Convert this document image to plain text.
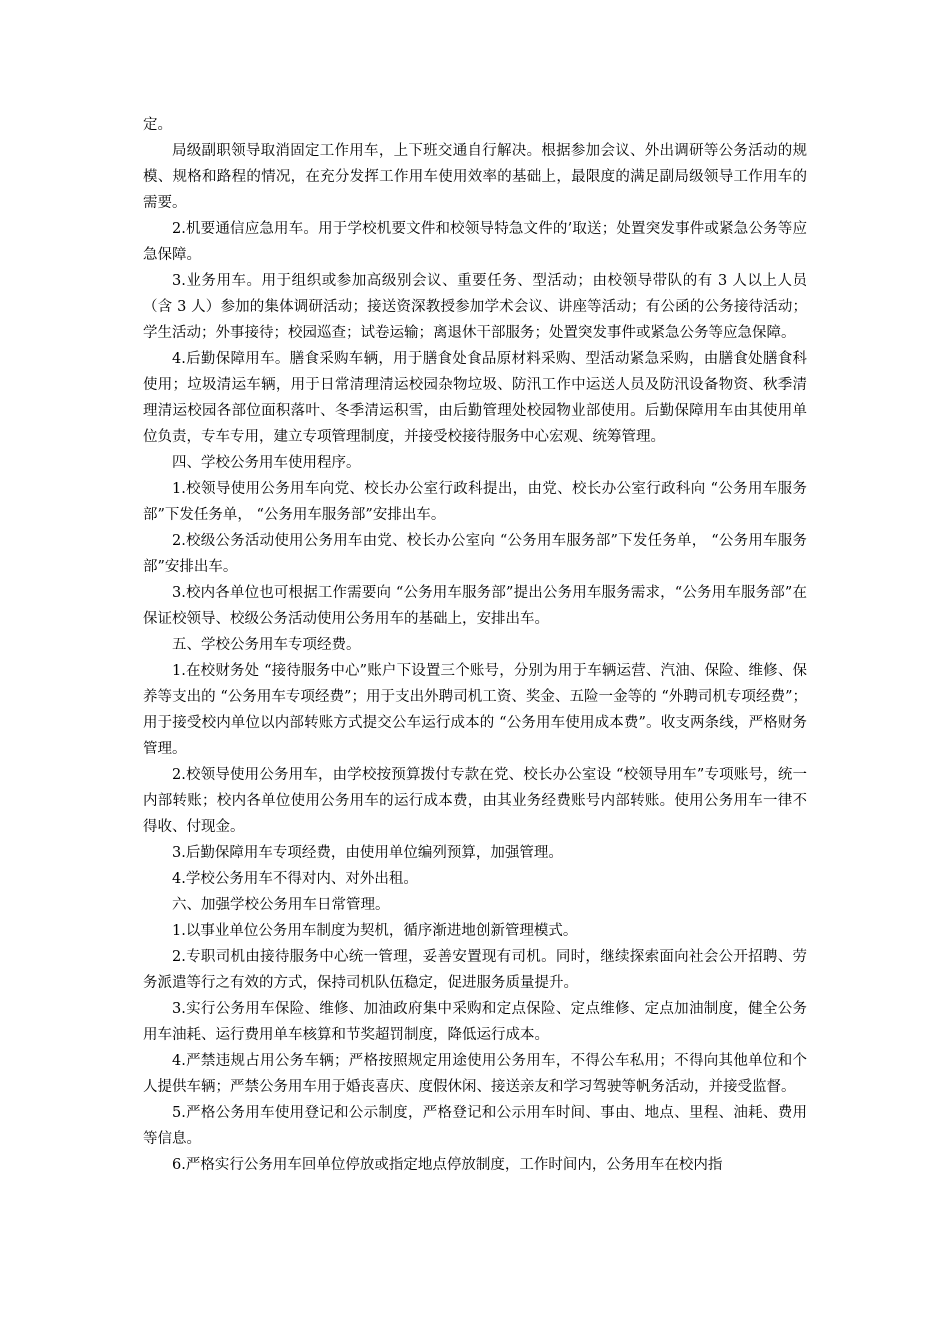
定。

局级副职领导取消固定工作用车，上下班交通自行解决。根据参加会议、外出调研等公务活动的规模、规格和路程的情况，在充分发挥工作用车使用效率的基础上，最限度的满足副局级领导工作用车的需要。

2.机要通信应急用车。用于学校机要文件和校领导特急文件的’取送；处置突发事件或紧急公务等应急保障。

3.业务用车。用于组织或参加高级别会议、重要任务、型活动；由校领导带队的有 3 人以上人员（含 3 人）参加的集体调研活动；接送资深教授参加学术会议、讲座等活动；有公函的公务接待活动；学生活动；外事接待；校园巡查；试卷运输；离退休干部服务；处置突发事件或紧急公务等应急保障。

4.后勤保障用车。膳食采购车辆，用于膳食处食品原材料采购、型活动紧急采购，由膳食处膳食科使用；垃圾清运车辆，用于日常清理清运校园杂物垃圾、防汛工作中运送人员及防汛设备物资、秋季清理清运校园各部位面积落叶、冬季清运积雪，由后勤管理处校园物业部使用。后勤保障用车由其使用单位负责，专车专用，建立专项管理制度，并接受校接待服务中心宏观、统筹管理。

四、学校公务用车使用程序。

1.校领导使用公务用车向党、校长办公室行政科提出，由党、校长办公室行政科向 “公务用车服务部”下发任务单， “公务用车服务部”安排出车。

2.校级公务活动使用公务用车由党、校长办公室向 “公务用车服务部”下发任务单， “公务用车服务部”安排出车。

3.校内各单位也可根据工作需要向 “公务用车服务部”提出公务用车服务需求，“公务用车服务部”在保证校领导、校级公务活动使用公务用车的基础上，安排出车。

五、学校公务用车专项经费。

1.在校财务处 “接待服务中心”账户下设置三个账号，分别为用于车辆运营、汽油、保险、维修、保养等支出的 “公务用车专项经费”；用于支出外聘司机工资、奖金、五险一金等的 “外聘司机专项经费”；用于接受校内单位以内部转账方式提交公车运行成本的 “公务用车使用成本费”。收支两条线，严格财务管理。

2.校领导使用公务用车，由学校按预算拨付专款在党、校长办公室设 “校领导用车”专项账号，统一内部转账；校内各单位使用公务用车的运行成本费，由其业务经费账号内部转账。使用公务用车一律不得收、付现金。

3.后勤保障用车专项经费，由使用单位编列预算，加强管理。

4.学校公务用车不得对内、对外出租。

六、加强学校公务用车日常管理。

1.以事业单位公务用车制度为契机，循序渐进地创新管理模式。

2.专职司机由接待服务中心统一管理，妥善安置现有司机。同时，继续探索面向社会公开招聘、劳务派遣等行之有效的方式，保持司机队伍稳定，促进服务质量提升。

3.实行公务用车保险、维修、加油政府集中采购和定点保险、定点维修、定点加油制度，健全公务用车油耗、运行费用单车核算和节奖超罚制度，降低运行成本。

4.严禁违规占用公务车辆；严格按照规定用途使用公务用车，不得公车私用；不得向其他单位和个人提供车辆；严禁公务用车用于婚丧喜庆、度假休闲、接送亲友和学习驾驶等帆务活动，并接受监督。

5.严格公务用车使用登记和公示制度，严格登记和公示用车时间、事由、地点、里程、油耗、费用等信息。

6.严格实行公务用车回单位停放或指定地点停放制度，工作时间内，公务用车在校内指
